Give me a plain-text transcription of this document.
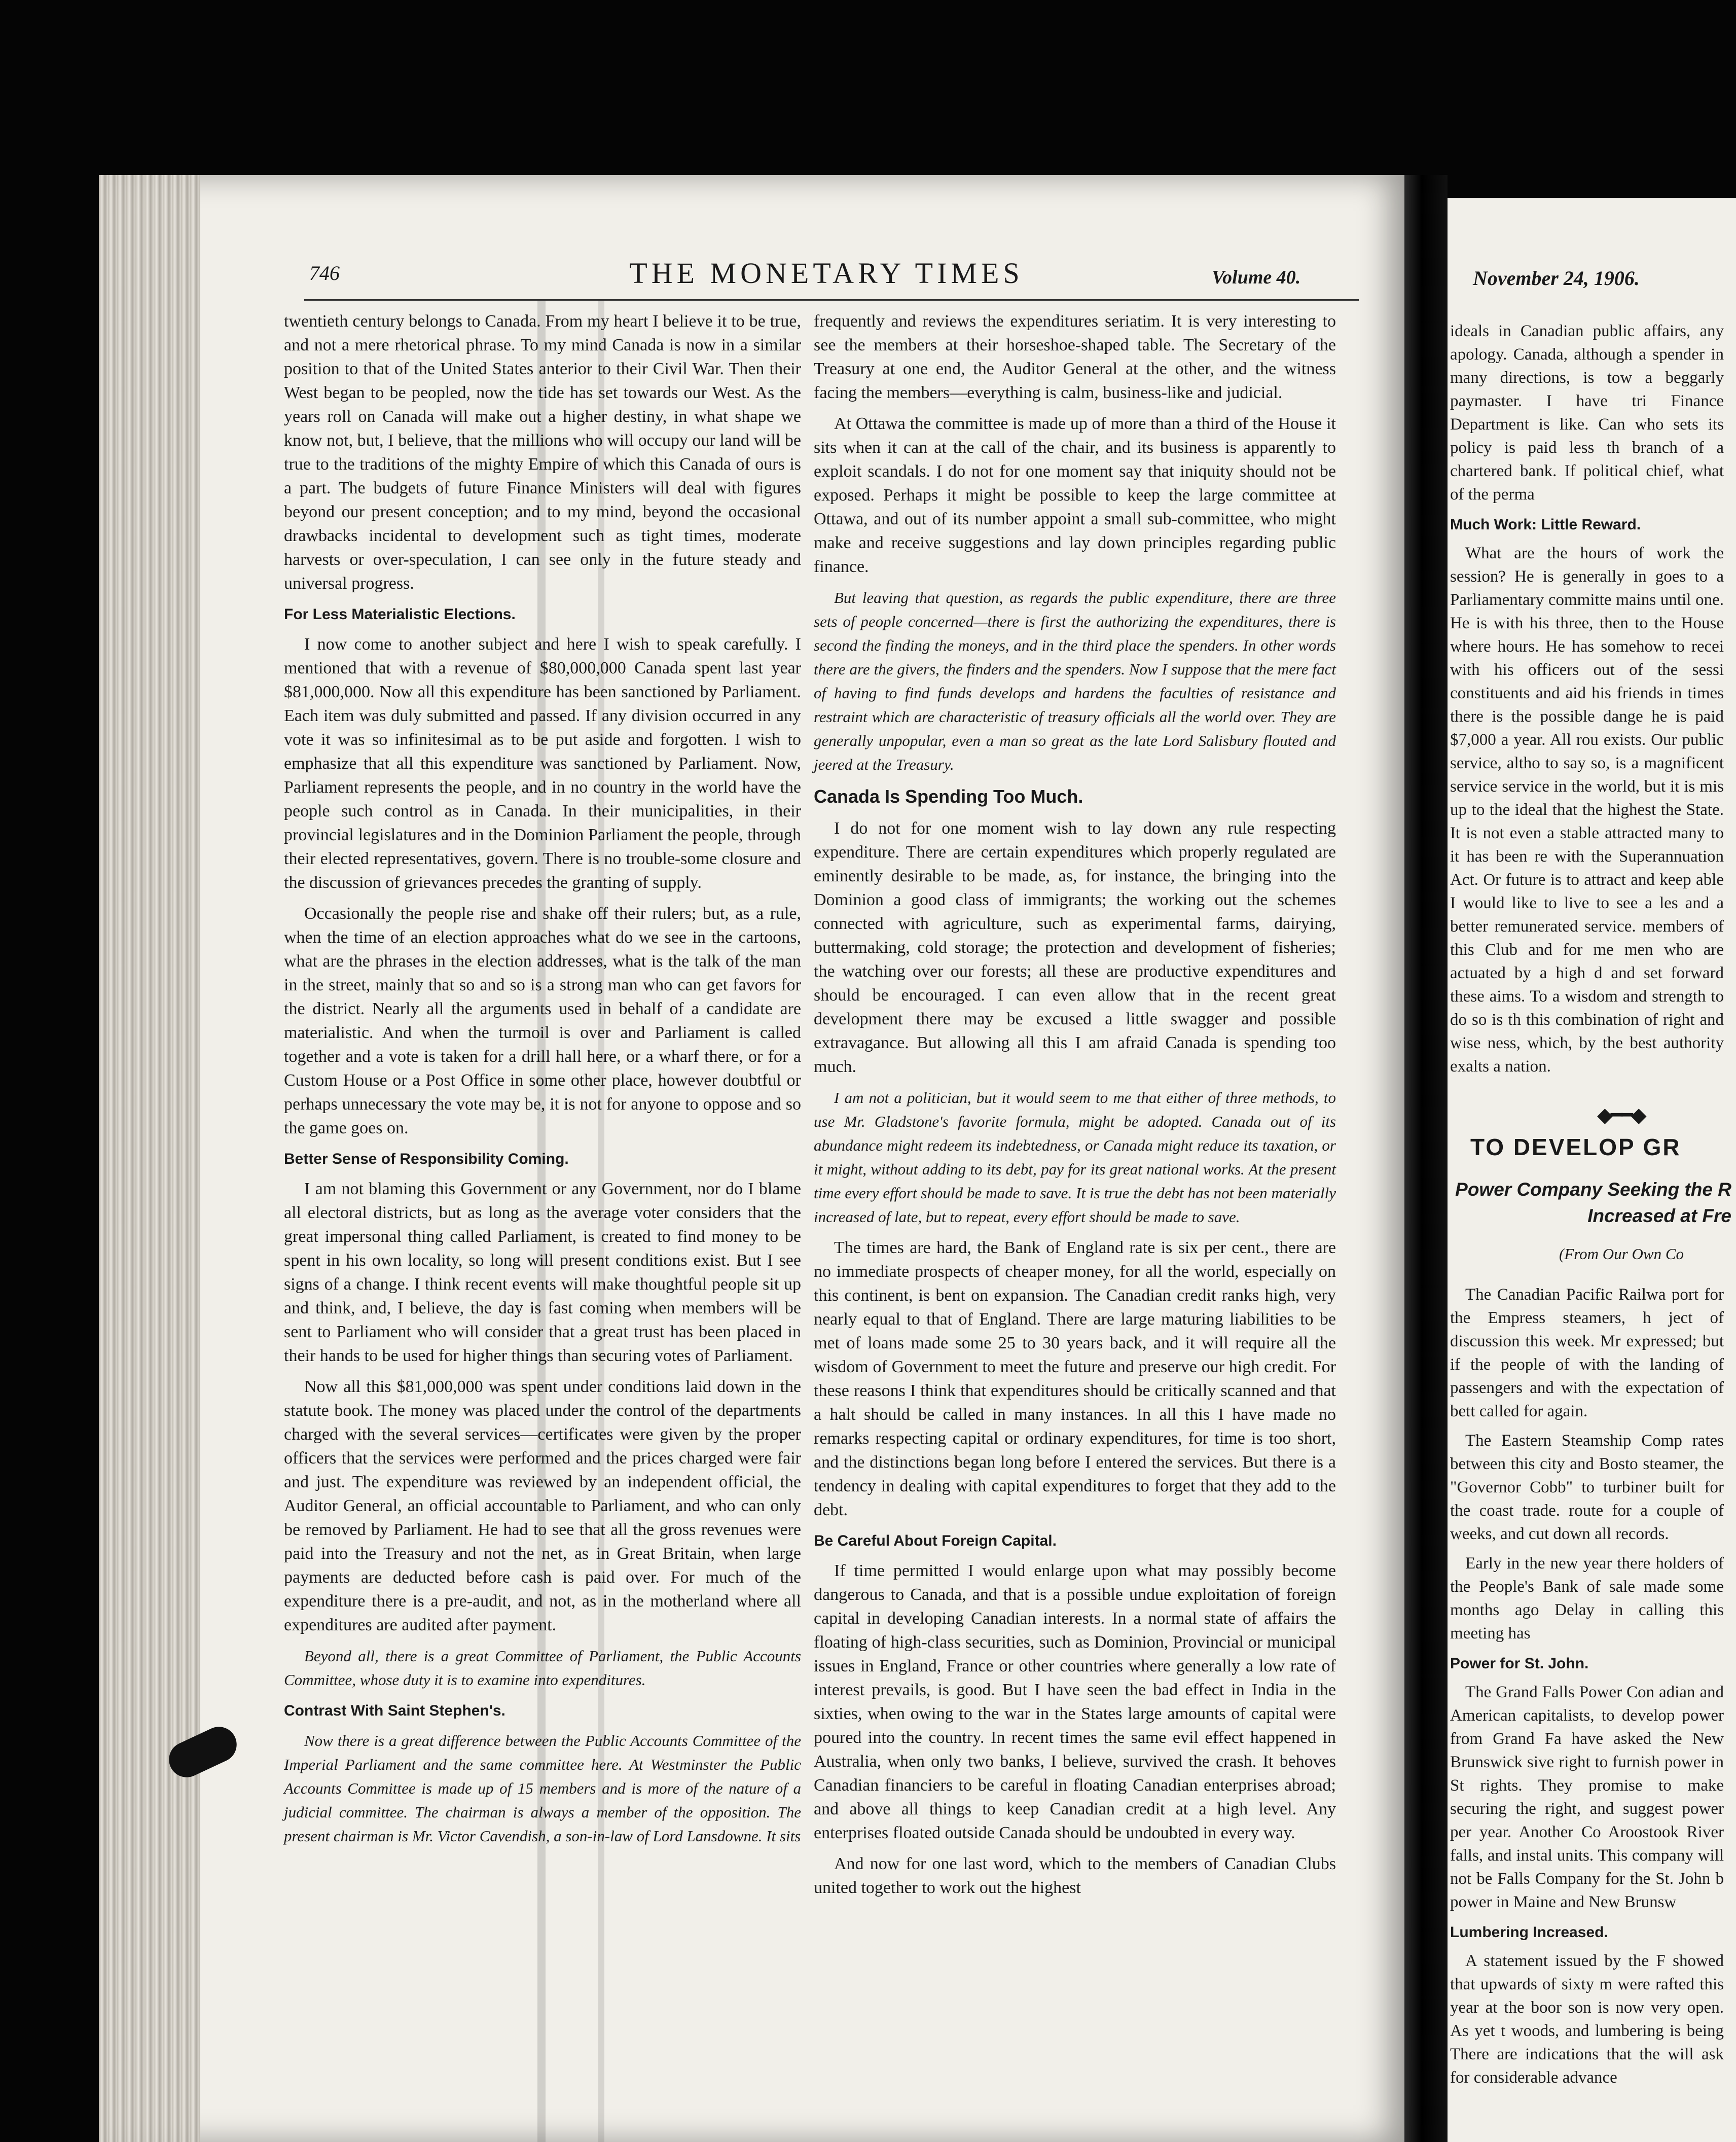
746	THE MONETARY TIMES	Volume 40.

twentieth century belongs to Canada. From my heart I believe it to be true, and not a mere rhetorical phrase. To my mind Canada is now in a similar position to that of the United States anterior to their Civil War. Then their West began to be peopled, now the tide has set towards our West. As the years roll on Canada will make out a higher destiny, in what shape we know not, but, I believe, that the millions who will occupy our land will be true to the traditions of the mighty Empire of which this Canada of ours is a part. The budgets of future Finance Ministers will deal with figures beyond our present conception; and to my mind, beyond the occasional drawbacks incidental to development such as tight times, moderate harvests or over-speculation, I can see only in the future steady and universal progress.

For Less Materialistic Elections.

I now come to another subject and here I wish to speak carefully. I mentioned that with a revenue of $80,000,000 Canada spent last year $81,000,000. Now all this expenditure has been sanctioned by Parliament. Each item was duly submitted and passed. If any division occurred in any vote it was so infinitesimal as to be put aside and forgotten. I wish to emphasize that all this expenditure was sanctioned by Parliament. Now, Parliament represents the people, and in no country in the world have the people such control as in Canada. In their municipalities, in their provincial legislatures and in the Dominion Parliament the people, through their elected representatives, govern. There is no trouble-some closure and the discussion of grievances precedes the granting of supply.

Occasionally the people rise and shake off their rulers; but, as a rule, when the time of an election approaches what do we see in the cartoons, what are the phrases in the election addresses, what is the talk of the man in the street, mainly that so and so is a strong man who can get favors for the district. Nearly all the arguments used in behalf of a candidate are materialistic. And when the turmoil is over and Parliament is called together and a vote is taken for a drill hall here, or a wharf there, or for a Custom House or a Post Office in some other place, however doubtful or perhaps unnecessary the vote may be, it is not for anyone to oppose and so the game goes on.

Better Sense of Responsibility Coming.

I am not blaming this Government or any Government, nor do I blame all electoral districts, but as long as the average voter considers that the great impersonal thing called Parliament, is created to find money to be spent in his own locality, so long will present conditions exist. But I see signs of a change. I think recent events will make thoughtful people sit up and think, and, I believe, the day is fast coming when members will be sent to Parliament who will consider that a great trust has been placed in their hands to be used for higher things than securing votes of Parliament.

Now all this $81,000,000 was spent under conditions laid down in the statute book. The money was placed under the control of the departments charged with the several services—certificates were given by the proper officers that the services were performed and the prices charged were fair and just. The expenditure was reviewed by an independent official, the Auditor General, an official accountable to Parliament, and who can only be removed by Parliament. He had to see that all the gross revenues were paid into the Treasury and not the net, as in Great Britain, when large payments are deducted before cash is paid over. For much of the expenditure there is a pre-audit, and not, as in the motherland where all expenditures are audited after payment.

Beyond all, there is a great Committee of Parliament, the Public Accounts Committee, whose duty it is to examine into expenditures.

Contrast With Saint Stephen's.

Now there is a great difference between the Public Accounts Committee of the Imperial Parliament and the same committee here. At Westminster the Public Accounts Committee is made up of 15 members and is more of the nature of a judicial committee. The chairman is always a member of the opposition. The present chairman is Mr. Victor Cavendish, a son-in-law of Lord Lansdowne. It sits

frequently and reviews the expenditures seriatim. It is very interesting to see the members at their horseshoe-shaped table. The Secretary of the Treasury at one end, the Auditor General at the other, and the witness facing the members—everything is calm, business-like and judicial.

At Ottawa the committee is made up of more than a third of the House it sits when it can at the call of the chair, and its business is apparently to exploit scandals. I do not for one moment say that iniquity should not be exposed. Perhaps it might be possible to keep the large committee at Ottawa, and out of its number appoint a small sub-committee, who might make and receive suggestions and lay down principles regarding public finance.

But leaving that question, as regards the public expenditure, there are three sets of people concerned—there is first the authorizing the expenditures, there is second the finding the moneys, and in the third place the spenders. In other words there are the givers, the finders and the spenders. Now I suppose that the mere fact of having to find funds develops and hardens the faculties of resistance and restraint which are characteristic of treasury officials all the world over. They are generally unpopular, even a man so great as the late Lord Salisbury flouted and jeered at the Treasury.

Canada Is Spending Too Much.

I do not for one moment wish to lay down any rule respecting expenditure. There are certain expenditures which properly regulated are eminently desirable to be made, as, for instance, the bringing into the Dominion a good class of immigrants; the working out the schemes connected with agriculture, such as experimental farms, dairying, buttermaking, cold storage; the protection and development of fisheries; the watching over our forests; all these are productive expenditures and should be encouraged. I can even allow that in the recent great development there may be excused a little swagger and possible extravagance. But allowing all this I am afraid Canada is spending too much.

I am not a politician, but it would seem to me that either of three methods, to use Mr. Gladstone's favorite formula, might be adopted. Canada out of its abundance might redeem its indebtedness, or Canada might reduce its taxation, or it might, without adding to its debt, pay for its great national works. At the present time every effort should be made to save. It is true the debt has not been materially increased of late, but to repeat, every effort should be made to save.

The times are hard, the Bank of England rate is six per cent., there are no immediate prospects of cheaper money, for all the world, especially on this continent, is bent on expansion. The Canadian credit ranks high, very nearly equal to that of England. There are large maturing liabilities to be met of loans made some 25 to 30 years back, and it will require all the wisdom of Government to meet the future and preserve our high credit. For these reasons I think that expenditures should be critically scanned and that a halt should be called in many instances. In all this I have made no remarks respecting capital or ordinary expenditures, for time is too short, and the distinctions began long before I entered the services. But there is a tendency in dealing with capital expenditures to forget that they add to the debt.

Be Careful About Foreign Capital.

If time permitted I would enlarge upon what may possibly become dangerous to Canada, and that is a possible undue exploitation of foreign capital in developing Canadian interests. In a normal state of affairs the floating of high-class securities, such as Dominion, Provincial or municipal issues in England, France or other countries where generally a low rate of interest prevails, is good. But I have seen the bad effect in India in the sixties, when owing to the war in the States large amounts of capital were poured into the country. In recent times the same evil effect happened in Australia, when only two banks, I believe, survived the crash. It behoves Canadian financiers to be careful in floating Canadian enterprises abroad; and above all things to keep Canadian credit at a high level. Any enterprises floated outside Canada should be undoubted in every way.

And now for one last word, which to the members of Canadian Clubs united together to work out the highest

November 24, 1906.

ideals in Canadian public affairs, any apology. Canada, although a spender in many directions, is tow a beggarly paymaster. I have tri Finance Department is like. Can who sets its policy is paid less th branch of a chartered bank. If political chief, what of the perma

Much Work: Little Reward.

What are the hours of work the session? He is generally in goes to a Parliamentary committe mains until one. He is with his three, then to the House where hours. He has somehow to recei with his officers out of the sessi constituents and aid his friends in times there is the possible dange he is paid $7,000 a year. All rou exists. Our public service, altho to say so, is a magnificent service service in the world, but it is mis up to the ideal that the highest the State. It is not even a stable attracted many to it has been re with the Superannuation Act. Or future is to attract and keep able I would like to live to see a les and a better remunerated service. members of this Club and for me men who are actuated by a high d and set forward these aims. To a wisdom and strength to do so is th this combination of right and wise ness, which, by the best authority exalts a nation.

◆━━◆
TO DEVELOP GR
Power Company Seeking the R Increased at Fre
(From Our Own Co

The Canadian Pacific Railwa port for the Empress steamers, h ject of discussion this week. Mr expressed; but if the people of with the landing of passengers and with the expectation of bett called for again.

The Eastern Steamship Comp rates between this city and Bosto steamer, the "Governor Cobb" to turbiner built for the coast trade. route for a couple of weeks, and cut down all records.

Early in the new year there holders of the People's Bank of sale made some months ago Delay in calling this meeting has

Power for St. John.

The Grand Falls Power Con adian and American capitalists, to develop power from Grand Fa have asked the New Brunswick sive right to furnish power in St rights. They promise to make securing the right, and suggest power per year. Another Co Aroostook River falls, and instal units. This company will not be Falls Company for the St. John b power in Maine and New Brunsw

Lumbering Increased.

A statement issued by the F showed that upwards of sixty m were rafted this year at the boor son is now very open. As yet t woods, and lumbering is being There are indications that the will ask for considerable advance
